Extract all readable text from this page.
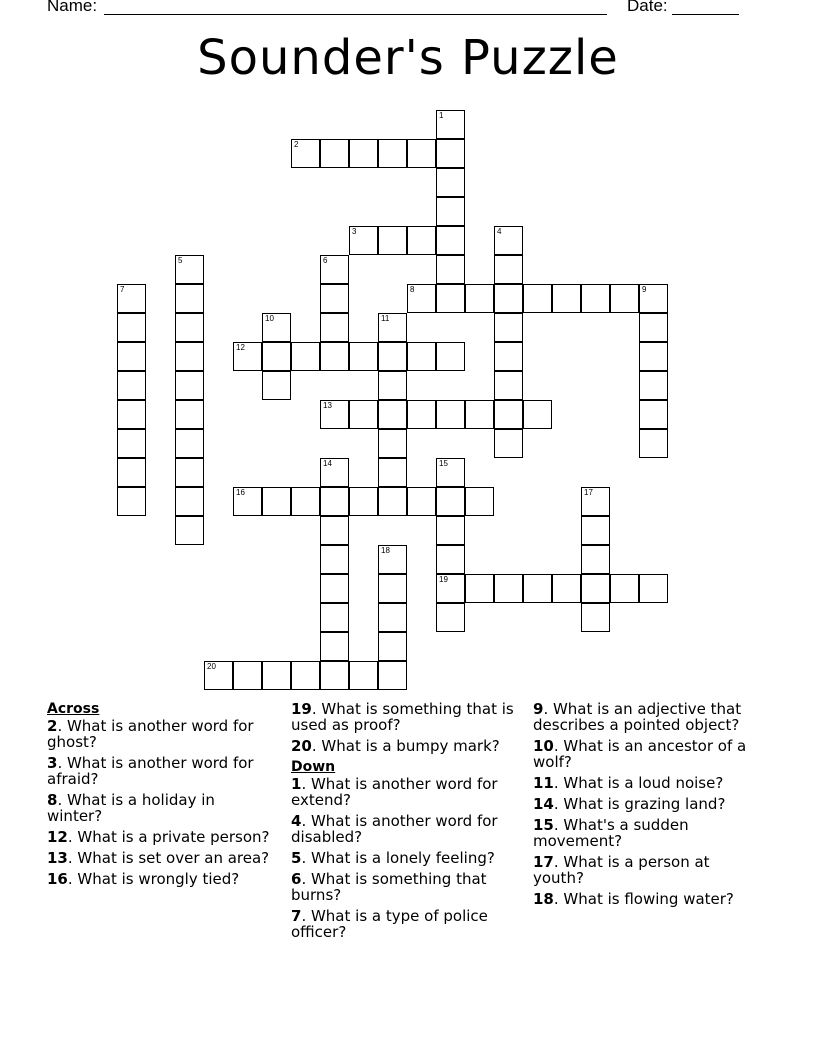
Name:	Date:
Sounder's Puzzle
1
2
3	4
5	6
7	8	9
10	11
12
13
14	15
19
16	17
18
20
Across
2. What is another word for ghost?
3. What is another word for afraid?
8. What is a holiday in winter?
12. What is a private person?
13. What is set over an area?
16. What is wrongly tied?
19. What is something that is used as proof?
20. What is a bumpy mark?
Down
1. What is another word for extend?
4. What is another word for disabled?
5. What is a lonely feeling?
6. What is something that burns?
7. What is a type of police officer?
9. What is an adjective that describes a pointed object?
10. What is an ancestor of a wolf?
11. What is a loud noise?
14. What is grazing land?
15. What's a sudden movement?
17. What is a person at youth?
18. What is flowing water?
